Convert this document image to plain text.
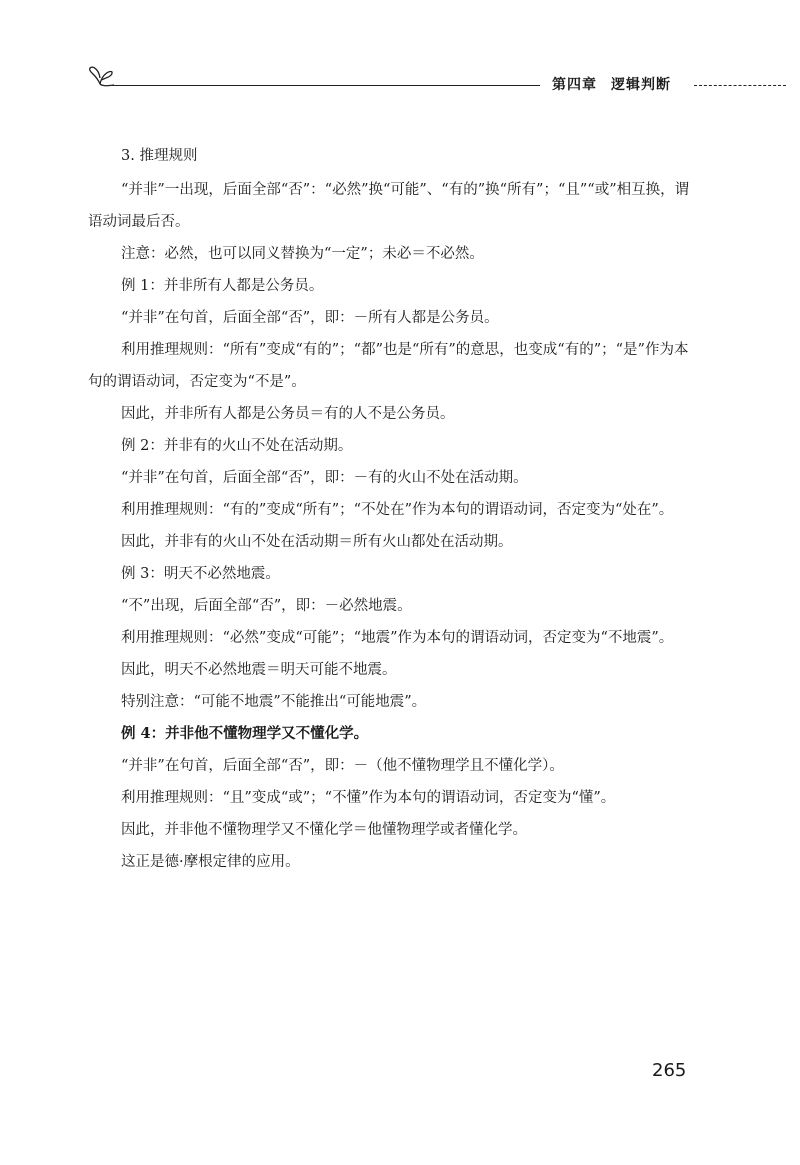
第四章 逻辑判断

3. 推理规则

“并非”一出现，后面全部“否”：“必然”换“可能”、“有的”换“所有”；“且”“或”相互换，谓语动词最后否。

注意：必然，也可以同义替换为“一定”；未必＝不必然。

例 1：并非所有人都是公务员。

“并非”在句首，后面全部“否”，即：－所有人都是公务员。

利用推理规则：“所有”变成“有的”；“都”也是“所有”的意思，也变成“有的”；“是”作为本句的谓语动词，否定变为“不是”。

因此，并非所有人都是公务员＝有的人不是公务员。

例 2：并非有的火山不处在活动期。

“并非”在句首，后面全部“否”，即：－有的火山不处在活动期。

利用推理规则：“有的”变成“所有”；“不处在”作为本句的谓语动词，否定变为“处在”。

因此，并非有的火山不处在活动期＝所有火山都处在活动期。

例 3：明天不必然地震。

“不”出现，后面全部“否”，即：－必然地震。

利用推理规则：“必然”变成“可能”；“地震”作为本句的谓语动词，否定变为“不地震”。

因此，明天不必然地震＝明天可能不地震。

特别注意：“可能不地震”不能推出“可能地震”。

例 4：并非他不懂物理学又不懂化学。

“并非”在句首，后面全部“否”，即：－（他不懂物理学且不懂化学）。

利用推理规则：“且”变成“或”；“不懂”作为本句的谓语动词，否定变为“懂”。

因此，并非他不懂物理学又不懂化学＝他懂物理学或者懂化学。

这正是德·摩根定律的应用。

265
